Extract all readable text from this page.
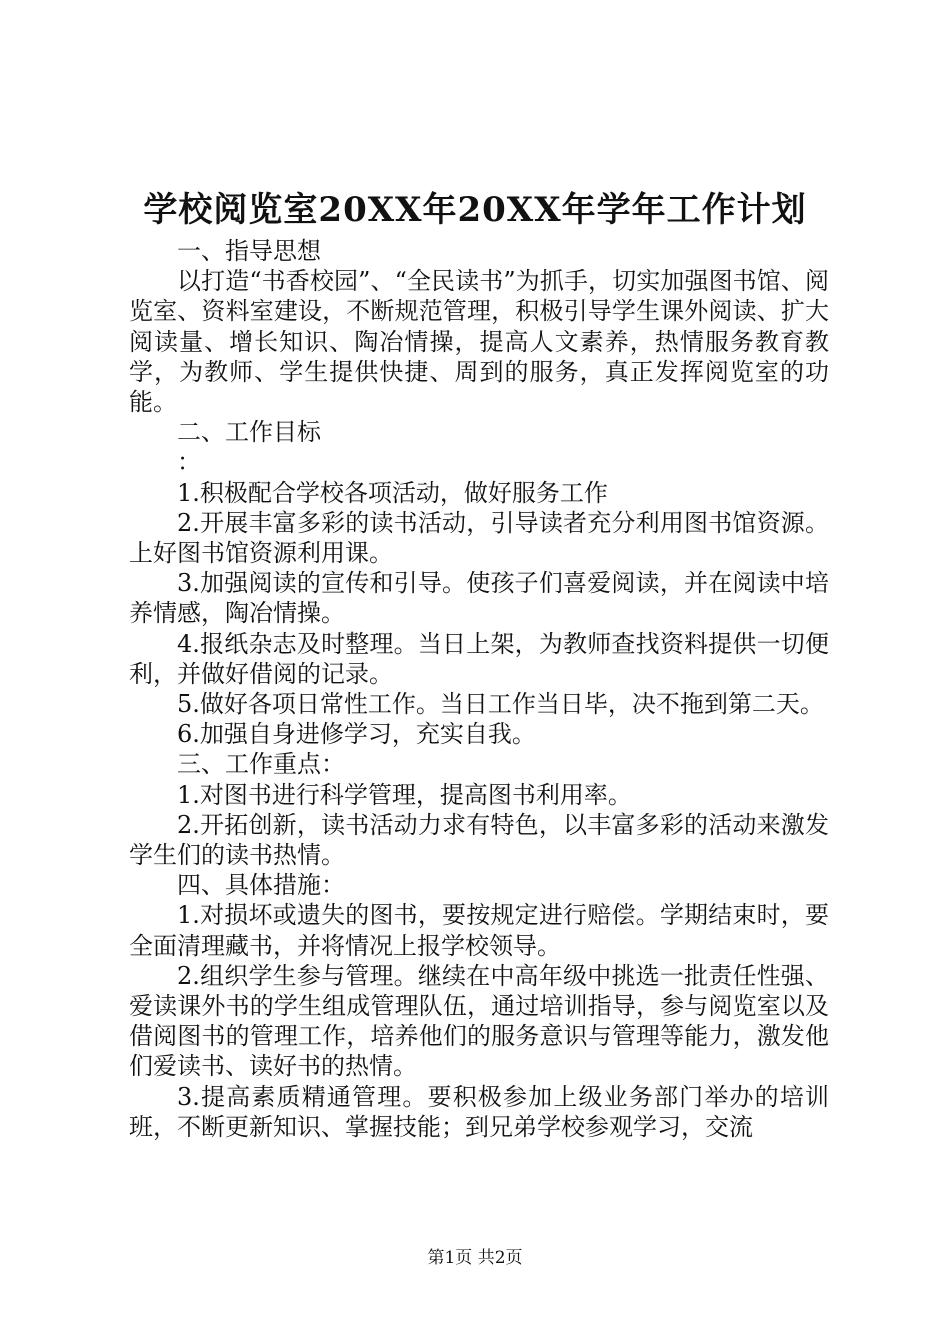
学校阅览室20XX年20XX年学年工作计划

一、指导思想

以打造“书香校园”、“全民读书”为抓手，切实加强图书馆、阅览室、资料室建设，不断规范管理，积极引导学生课外阅读、扩大阅读量、增长知识、陶冶情操，提高人文素养，热情服务教育教学，为教师、学生提供快捷、周到的服务，真正发挥阅览室的功能。

二、工作目标

：

1.积极配合学校各项活动，做好服务工作

2.开展丰富多彩的读书活动，引导读者充分利用图书馆资源。上好图书馆资源利用课。

3.加强阅读的宣传和引导。使孩子们喜爱阅读，并在阅读中培养情感，陶冶情操。

4.报纸杂志及时整理。当日上架，为教师查找资料提供一切便利，并做好借阅的记录。

5.做好各项日常性工作。当日工作当日毕，决不拖到第二天。

6.加强自身进修学习，充实自我。

三、工作重点：

1.对图书进行科学管理，提高图书利用率。

2.开拓创新，读书活动力求有特色，以丰富多彩的活动来激发学生们的读书热情。

四、具体措施：

1.对损坏或遗失的图书，要按规定进行赔偿。学期结束时，要全面清理藏书，并将情况上报学校领导。

2.组织学生参与管理。继续在中高年级中挑选一批责任性强、爱读课外书的学生组成管理队伍，通过培训指导，参与阅览室以及借阅图书的管理工作，培养他们的服务意识与管理等能力，激发他们爱读书、读好书的热情。

3.提高素质精通管理。要积极参加上级业务部门举办的培训班，不断更新知识、掌握技能；到兄弟学校参观学习，交流

第1页 共2页
